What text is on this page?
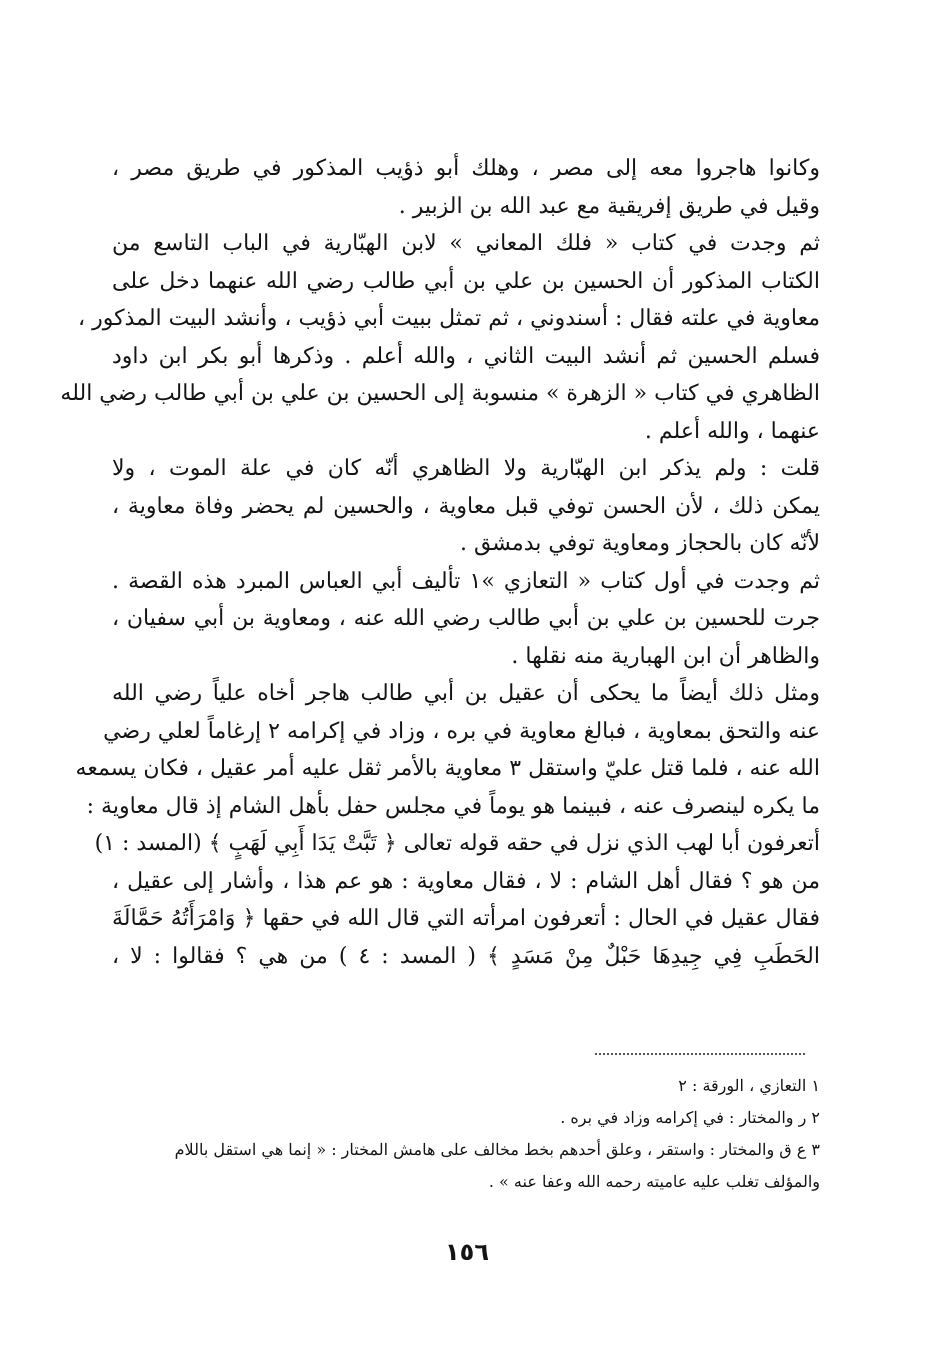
وكانوا هاجروا معه إلى مصر ، وهلك أبو ذؤيب المذكور في طريق مصر ،
وقيل في طريق إفريقية مع عبد الله بن الزبير .
ثم وجدت في كتاب « فلك المعاني » لابن الهبّارية في الباب التاسع من
الكتاب المذكور أن الحسين بن علي بن أبي طالب رضي الله عنهما دخل على
معاوية في علته فقال : أسندوني ، ثم تمثل ببيت أبي ذؤيب ، وأنشد البيت المذكور ،
فسلم الحسين ثم أنشد البيت الثاني ، والله أعلم . وذكرها أبو بكر ابن داود
الظاهري في كتاب « الزهرة » منسوبة إلى الحسين بن علي بن أبي طالب رضي الله
عنهما ، والله أعلم .
قلت : ولم يذكر ابن الهبّارية ولا الظاهري أنّه كان في علة الموت ، ولا
يمكن ذلك ، لأن الحسن توفي قبل معاوية ، والحسين لم يحضر وفاة معاوية ،
لأنّه كان بالحجاز ومعاوية توفي بدمشق .
ثم وجدت في أول كتاب « التعازي »١ تأليف أبي العباس المبرد هذه القصة .
جرت للحسين بن علي بن أبي طالب رضي الله عنه ، ومعاوية بن أبي سفيان ،
والظاهر أن ابن الهبارية منه نقلها .
ومثل ذلك أيضاً ما يحكى أن عقيل بن أبي طالب هاجر أخاه علياً رضي الله
عنه والتحق بمعاوية ، فبالغ معاوية في بره ، وزاد في إكرامه ٢ إرغاماً لعلي رضي
الله عنه ، فلما قتل عليّ واستقل ٣ معاوية بالأمر ثقل عليه أمر عقيل ، فكان يسمعه
ما يكره لينصرف عنه ، فبينما هو يوماً في مجلس حفل بأهل الشام إذ قال معاوية :
أتعرفون أبا لهب الذي نزل في حقه قوله تعالى ﴿ تَبَّتْ يَدَا أَبِي لَهَبٍ ﴾ (المسد : ١)
من هو ؟ فقال أهل الشام : لا ، فقال معاوية : هو عم هذا ، وأشار إلى عقيل ،
فقال عقيل في الحال : أتعرفون امرأته التي قال الله في حقها ﴿ وَامْرَأَتُهُ حَمَّالَةَ
الحَطَبِ فِي جِيدِهَا حَبْلٌ مِنْ مَسَدٍ ﴾ ( المسد : ٤ ) من هي ؟ فقالوا : لا ،
١ التعازي ، الورقة : ٢
٢ ر والمختار : في إكرامه وزاد في بره .
٣ ع ق والمختار : واستقر ، وعلق أحدهم بخط مخالف على هامش المختار : « إنما هي استقل باللام
والمؤلف تغلب عليه عاميته رحمه الله وعفا عنه » .
١٥٦
